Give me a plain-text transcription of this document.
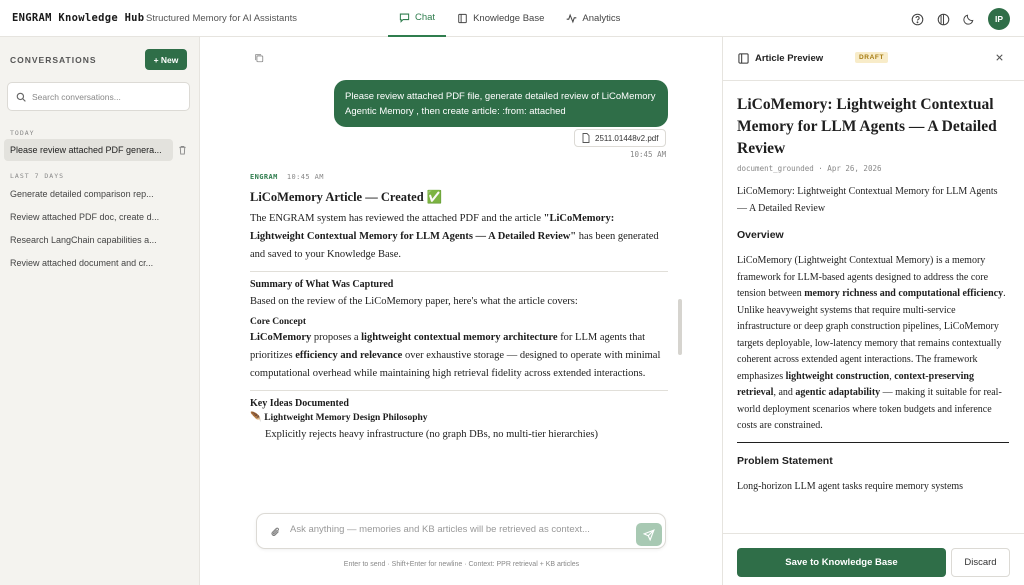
ENGRAM Knowledge Hub Structured Memory for AI Assistants	Chat	Knowledge Base	Analytics	IP
CONVERSATIONS	+ New
Search conversations...
TODAY
Please review attached PDF genera...
LAST 7 DAYS
Generate detailed comparison rep...
Review attached PDF doc, create d...
Research LangChain capabilities a...
Review attached document and cr...
Please review attached PDF file, generate detailed review of LiCoMemory Agentic Memory , then create article: :from: attached
2511.01448v2.pdf
10:45 AM
ENGRAM 10:45 AM
LiCoMemory Article — Created ✅

The ENGRAM system has reviewed the attached PDF and the article "LiCoMemory: Lightweight Contextual Memory for LLM Agents — A Detailed Review" has been generated and saved to your Knowledge Base.

Summary of What Was Captured

Based on the review of the LiCoMemory paper, here's what the article covers:

Core Concept

LiCoMemory proposes a lightweight contextual memory architecture for LLM agents that prioritizes efficiency and relevance over exhaustive storage — designed to operate with minimal computational overhead while maintaining high retrieval fidelity across extended interactions.

Key Ideas Documented
🪶 Lightweight Memory Design Philosophy

Explicitly rejects heavy infrastructure (no graph DBs, no multi-tier hierarchies)

Ask anything — memories and KB articles will be retrieved as context...
Enter to send · Shift+Enter for newline · Context: PPR retrieval + KB articles
Article Preview	DRAFT
LiCoMemory: Lightweight Contextual Memory for LLM Agents — A Detailed Review
document_grounded · Apr 26, 2026

LiCoMemory: Lightweight Contextual Memory for LLM Agents — A Detailed Review

Overview

LiCoMemory (Lightweight Contextual Memory) is a memory framework for LLM-based agents designed to address the core tension between memory richness and computational efficiency. Unlike heavyweight systems that require multi-service infrastructure or deep graph construction pipelines, LiCoMemory targets deployable, low-latency memory that remains contextually coherent across extended agent interactions. The framework emphasizes lightweight construction, context-preserving retrieval, and agentic adaptability — making it suitable for real-world deployment scenarios where token budgets and inference costs are constrained.

Problem Statement

Long-horizon LLM agent tasks require memory systems

Save to Knowledge Base	Discard
